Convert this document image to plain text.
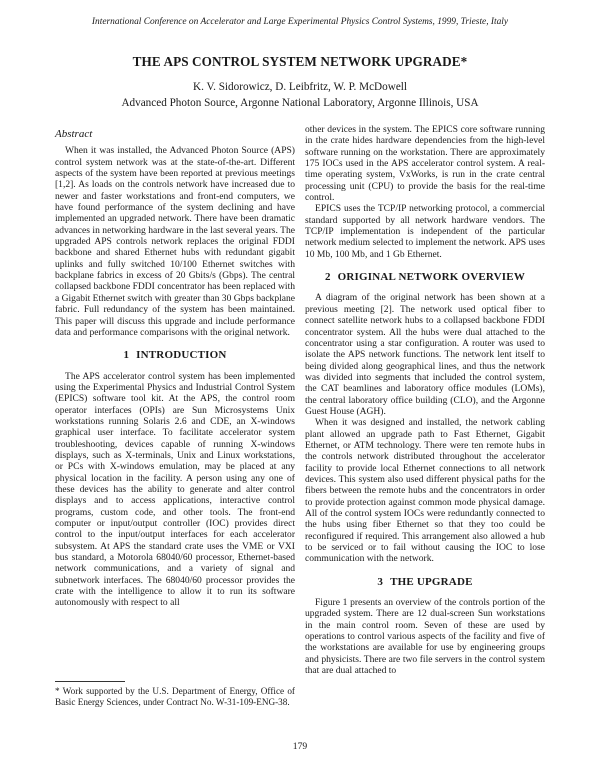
International Conference on Accelerator and Large Experimental Physics Control Systems, 1999, Trieste, Italy
THE APS CONTROL SYSTEM NETWORK UPGRADE*
K. V. Sidorowicz, D. Leibfritz, W. P. McDowell
Advanced Photon Source, Argonne National Laboratory, Argonne Illinois, USA
Abstract

When it was installed, the Advanced Photon Source (APS) control system network was at the state-of-the-art. Different aspects of the system have been reported at previous meetings [1,2]. As loads on the controls network have increased due to newer and faster workstations and front-end computers, we have found performance of the system declining and have implemented an upgraded network. There have been dramatic advances in networking hardware in the last several years. The upgraded APS controls network replaces the original FDDI backbone and shared Ethernet hubs with redundant gigabit uplinks and fully switched 10/100 Ethernet switches with backplane fabrics in excess of 20 Gbits/s (Gbps). The central collapsed backbone FDDI concentrator has been replaced with a Gigabit Ethernet switch with greater than 30 Gbps backplane fabric. Full redundancy of the system has been maintained. This paper will discuss this upgrade and include performance data and performance comparisons with the original network.

1 INTRODUCTION

The APS accelerator control system has been implemented using the Experimental Physics and Industrial Control System (EPICS) software tool kit. At the APS, the control room operator interfaces (OPIs) are Sun Microsystems Unix workstations running Solaris 2.6 and CDE, an X-windows graphical user interface. To facilitate accelerator system troubleshooting, devices capable of running X-windows displays, such as X-terminals, Unix and Linux workstations, or PCs with X-windows emulation, may be placed at any physical location in the facility. A person using any one of these devices has the ability to generate and alter control displays and to access applications, interactive control programs, custom code, and other tools. The front-end computer or input/output controller (IOC) provides direct control to the input/output interfaces for each accelerator subsystem. At APS the standard crate uses the VME or VXI bus standard, a Motorola 68040/60 processor, Ethernet-based network communications, and a variety of signal and subnetwork interfaces. The 68040/60 processor provides the crate with the intelligence to allow it to run its software autonomously with respect to all

other devices in the system. The EPICS core software running in the crate hides hardware dependencies from the high-level software running on the workstation. There are approximately 175 IOCs used in the APS accelerator control system. A real-time operating system, VxWorks, is run in the crate central processing unit (CPU) to provide the basis for the real-time control.

EPICS uses the TCP/IP networking protocol, a commercial standard supported by all network hardware vendors. The TCP/IP implementation is independent of the particular network medium selected to implement the network. APS uses 10 Mb, 100 Mb, and 1 Gb Ethernet.

2 ORIGINAL NETWORK OVERVIEW

A diagram of the original network has been shown at a previous meeting [2]. The network used optical fiber to connect satellite network hubs to a collapsed backbone FDDI concentrator system. All the hubs were dual attached to the concentrator using a star configuration. A router was used to isolate the APS network functions. The network lent itself to being divided along geographical lines, and thus the network was divided into segments that included the control system, the CAT beamlines and laboratory office modules (LOMs), the central laboratory office building (CLO), and the Argonne Guest House (AGH).

When it was designed and installed, the network cabling plant allowed an upgrade path to Fast Ethernet, Gigabit Ethernet, or ATM technology. There were ten remote hubs in the controls network distributed throughout the accelerator facility to provide local Ethernet connections to all network devices. This system also used different physical paths for the fibers between the remote hubs and the concentrators in order to provide protection against common mode physical damage. All of the control system IOCs were redundantly connected to the hubs using fiber Ethernet so that they too could be reconfigured if required. This arrangement also allowed a hub to be serviced or to fail without causing the IOC to lose communication with the network.

3 THE UPGRADE

Figure 1 presents an overview of the controls portion of the upgraded system. There are 12 dual-screen Sun workstations in the main control room. Seven of these are used by operations to control various aspects of the facility and five of the workstations are available for use by engineering groups and physicists. There are two file servers in the control system that are dual attached to

* Work supported by the U.S. Department of Energy, Office of Basic Energy Sciences, under Contract No. W-31-109-ENG-38.
179
